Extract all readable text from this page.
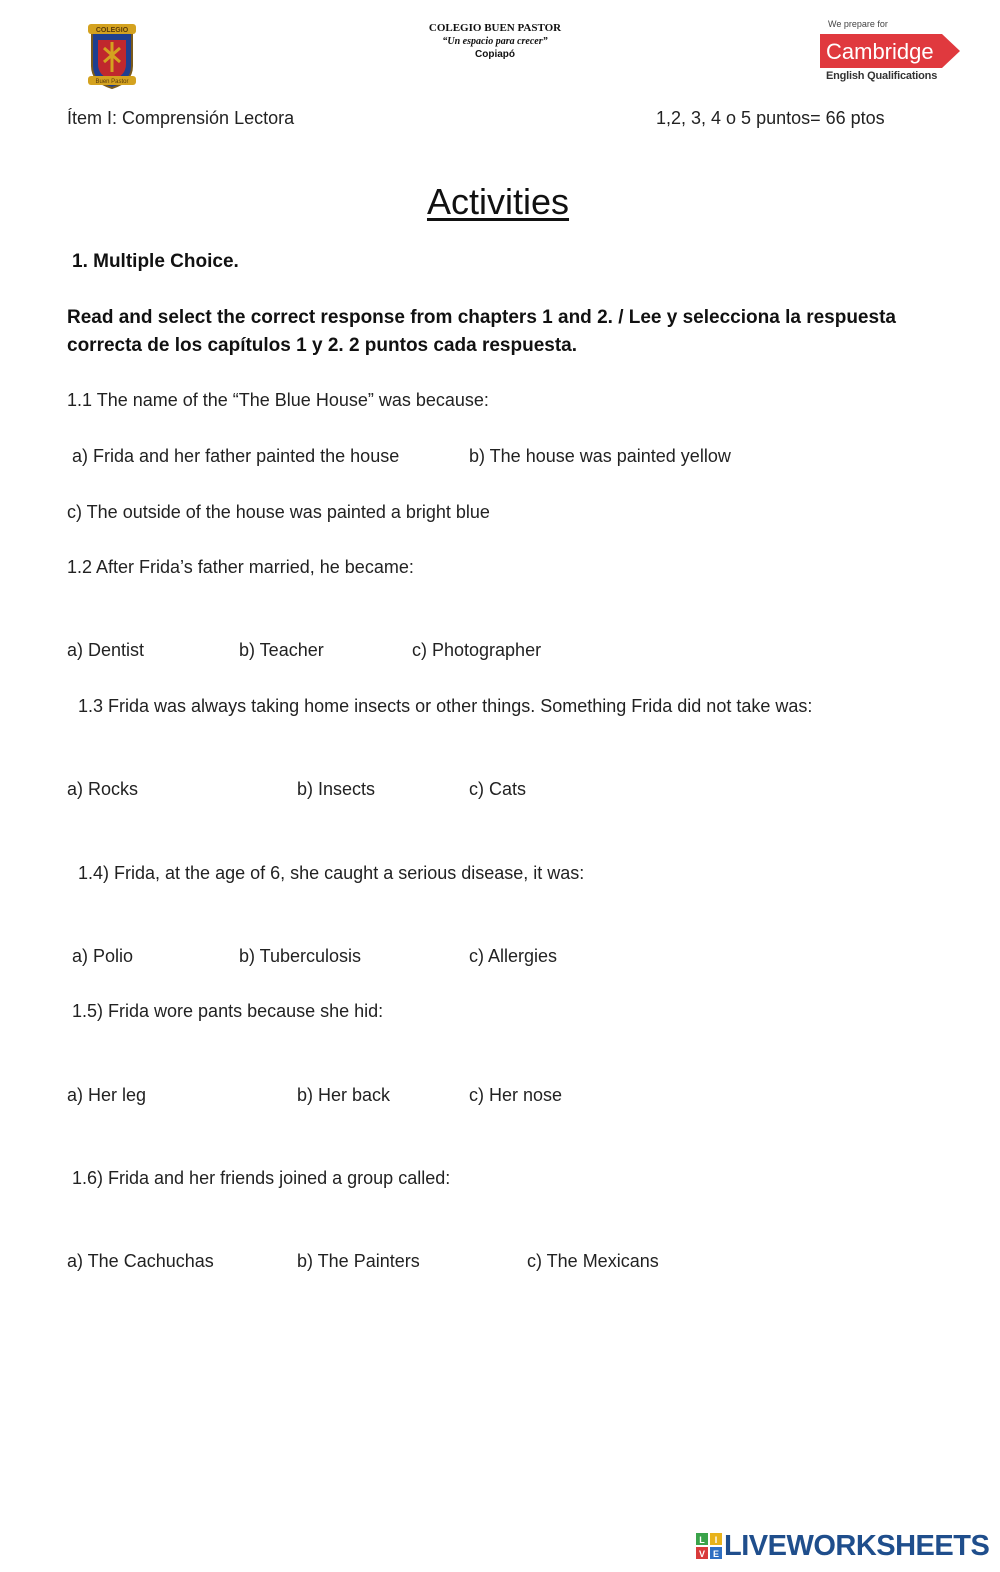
COLEGIO
Buen Pastor
COLEGIO BUEN PASTOR
“Un espacio para crecer”
Copiapó
We prepare for
Cambridge
English Qualifications
Ítem I: Comprensión Lectora	1,2, 3, 4 o 5 puntos= 66 ptos
Activities
1. Multiple Choice.
Read and select the correct response from chapters 1 and 2. / Lee y selecciona la respuesta correcta de los capítulos 1 y 2. 2 puntos cada respuesta.
1.1 The name of the “The Blue House” was because:
a) Frida and her father painted the house	b) The house was painted yellow
c) The outside of the house was painted a bright blue
1.2 After Frida’s father married, he became:
a) Dentist	b) Teacher	c) Photographer
1.3 Frida was always taking home insects or other things. Something Frida did not take was:
a) Rocks	b) Insects	c) Cats
1.4) Frida, at the age of 6, she caught a serious disease, it was:
a) Polio	b) Tuberculosis	c) Allergies
1.5) Frida wore pants because she hid:
a) Her leg	b) Her back	c) Her nose
1.6) Frida and her friends joined a group called:
a) The Cachuchas	b) The Painters	c) The Mexicans
L I
V E LIVEWORKSHEETS
